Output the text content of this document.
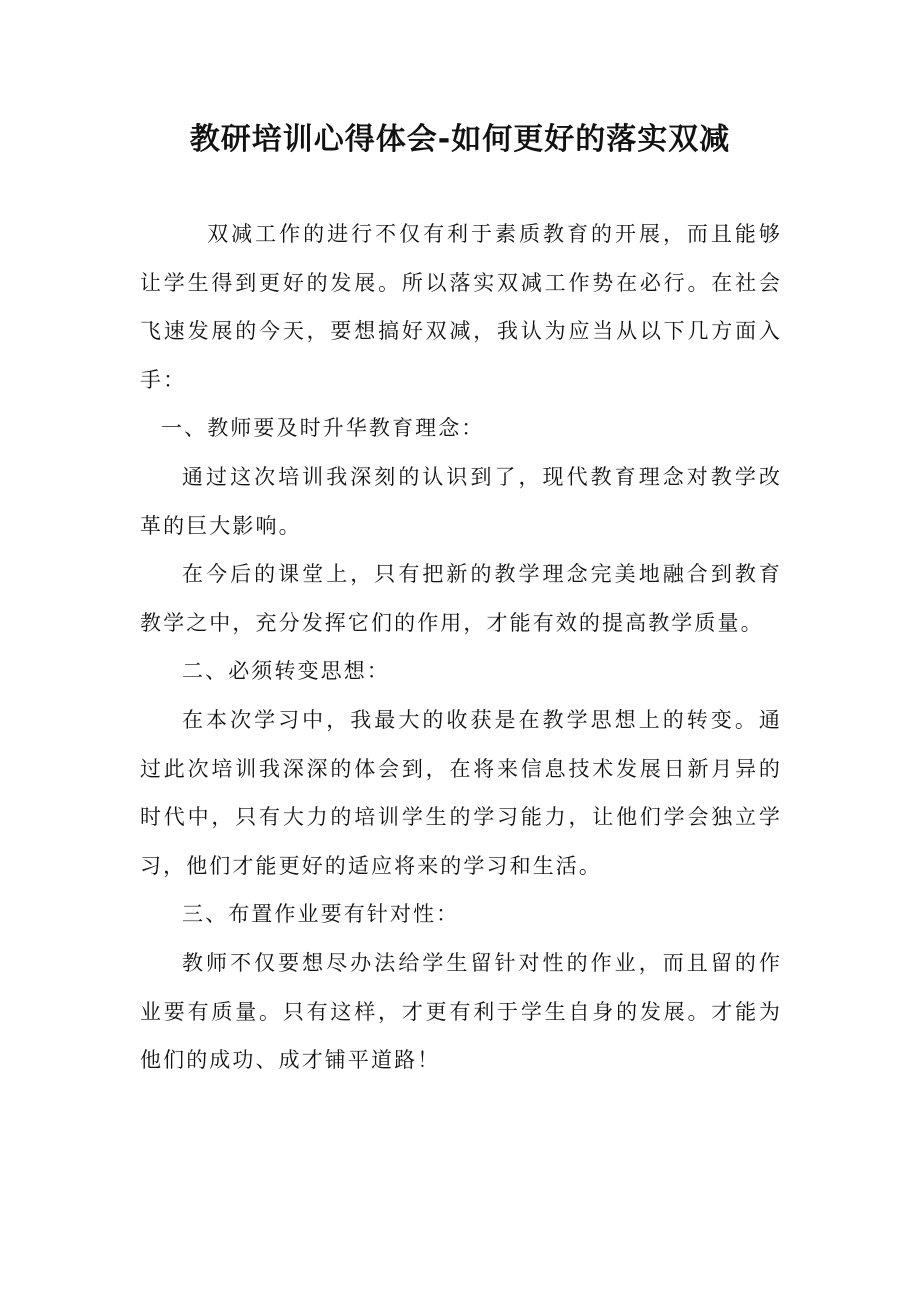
教研培训心得体会-如何更好的落实双减

双减工作的进行不仅有利于素质教育的开展，而且能够让学生得到更好的发展。所以落实双减工作势在必行。在社会飞速发展的今天，要想搞好双减，我认为应当从以下几方面入手：

一、教师要及时升华教育理念：

通过这次培训我深刻的认识到了，现代教育理念对教学改革的巨大影响。

在今后的课堂上，只有把新的教学理念完美地融合到教育教学之中，充分发挥它们的作用，才能有效的提高教学质量。

二、必须转变思想：

在本次学习中，我最大的收获是在教学思想上的转变。通过此次培训我深深的体会到，在将来信息技术发展日新月异的时代中，只有大力的培训学生的学习能力，让他们学会独立学习，他们才能更好的适应将来的学习和生活。

三、布置作业要有针对性：

教师不仅要想尽办法给学生留针对性的作业，而且留的作业要有质量。只有这样，才更有利于学生自身的发展。才能为他们的成功、成才铺平道路！
